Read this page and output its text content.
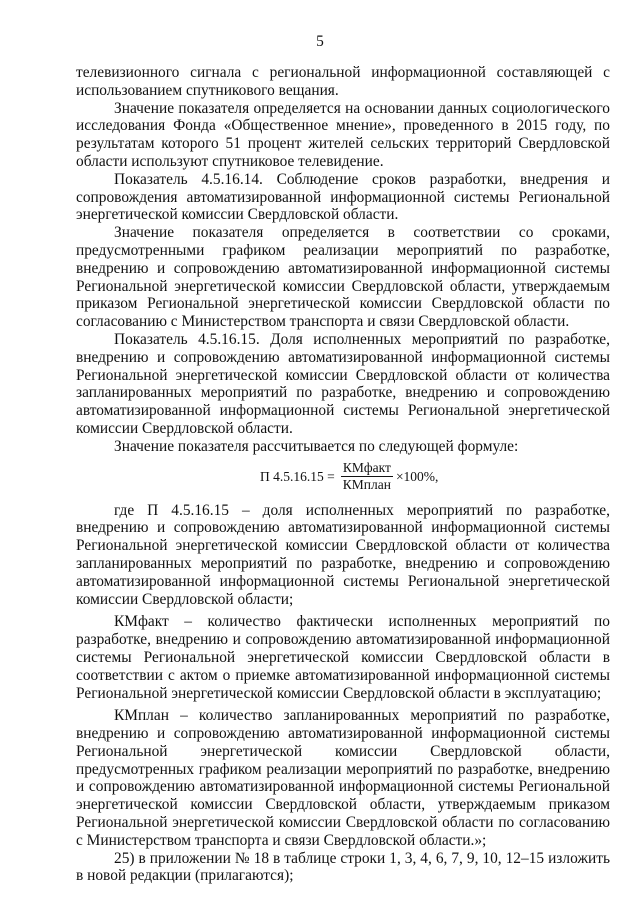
5

телевизионного сигнала с региональной информационной составляющей с использованием спутникового вещания.

Значение показателя определяется на основании данных социологического исследования Фонда «Общественное мнение», проведенного в 2015 году, по результатам которого 51 процент жителей сельских территорий Свердловской области используют спутниковое телевидение.

Показатель 4.5.16.14. Соблюдение сроков разработки, внедрения и сопровождения автоматизированной информационной системы Региональной энергетической комиссии Свердловской области.

Значение показателя определяется в соответствии со сроками, предусмотренными графиком реализации мероприятий по разработке, внедрению и сопровождению автоматизированной информационной системы Региональной энергетической комиссии Свердловской области, утверждаемым приказом Региональной энергетической комиссии Свердловской области по согласованию с Министерством транспорта и связи Свердловской области.

Показатель 4.5.16.15. Доля исполненных мероприятий по разработке, внедрению и сопровождению автоматизированной информационной системы Региональной энергетической комиссии Свердловской области от количества запланированных мероприятий по разработке, внедрению и сопровождению автоматизированной информационной системы Региональной энергетической комиссии Свердловской области.

Значение показателя рассчитывается по следующей формуле:

П $4.5.16.15 = \frac{\text{КМфакт}}{\text{КМплан}} \times 100\%$,

где П 4.5.16.15 – доля исполненных мероприятий по разработке, внедрению и сопровождению автоматизированной информационной системы Региональной энергетической комиссии Свердловской области от количества запланированных мероприятий по разработке, внедрению и сопровождению автоматизированной информационной системы Региональной энергетической комиссии Свердловской области;

КМфакт – количество фактически исполненных мероприятий по разработке, внедрению и сопровождению автоматизированной информационной системы Региональной энергетической комиссии Свердловской области в соответствии с актом о приемке автоматизированной информационной системы Региональной энергетической комиссии Свердловской области в эксплуатацию;

КМплан – количество запланированных мероприятий по разработке, внедрению и сопровождению автоматизированной информационной системы Региональной энергетической комиссии Свердловской области, предусмотренных графиком реализации мероприятий по разработке, внедрению и сопровождению автоматизированной информационной системы Региональной энергетической комиссии Свердловской области, утверждаемым приказом Региональной энергетической комиссии Свердловской области по согласованию с Министерством транспорта и связи Свердловской области.»;

25) в приложении № 18 в таблице строки 1, 3, 4, 6, 7, 9, 10, 12–15 изложить в новой редакции (прилагаются);
